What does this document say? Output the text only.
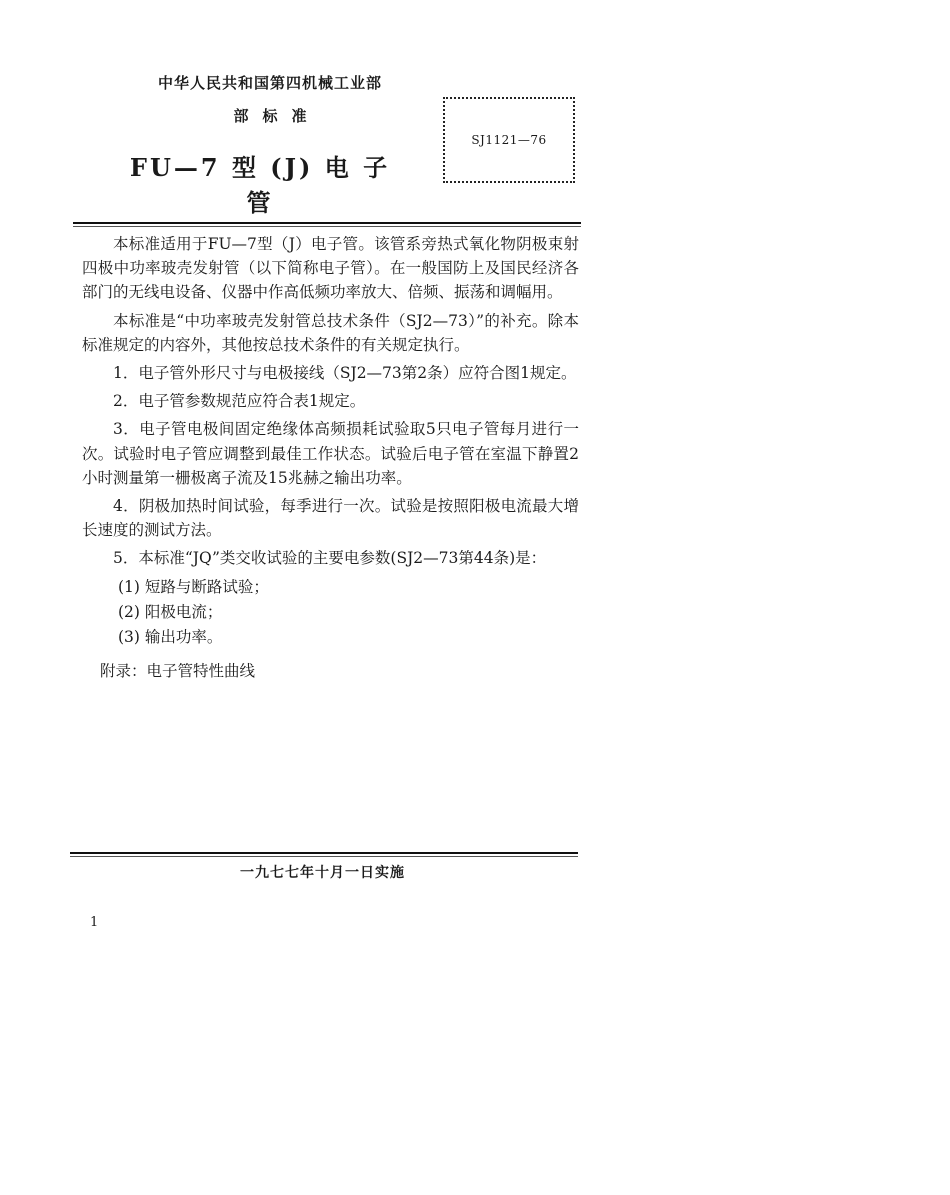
中华人民共和国第四机械工业部
部标准
FU—7 型 (J) 电 子 管
SJ1121—76

本标准适用于FU—7型（J）电子管。该管系旁热式氧化物阴极束射四极中功率玻壳发射管（以下简称电子管）。在一般国防上及国民经济各部门的无线电设备、仪器中作高低频功率放大、倍频、振荡和调幅用。

本标准是“中功率玻壳发射管总技术条件（SJ2—73）”的补充。除本标准规定的内容外，其他按总技术条件的有关规定执行。

1．电子管外形尺寸与电极接线（SJ2—73第2条）应符合图1规定。

2．电子管参数规范应符合表1规定。

3．电子管电极间固定绝缘体高频损耗试验取5只电子管每月进行一次。试验时电子管应调整到最佳工作状态。试验后电子管在室温下静置2小时测量第一栅极离子流及15兆赫之输出功率。

4．阴极加热时间试验，每季进行一次。试验是按照阳极电流最大增长速度的测试方法。

5．本标准“JQ”类交收试验的主要电参数(SJ2—73第44条)是：

(1) 短路与断路试验；

(2) 阳极电流；

(3) 输出功率。

附录：电子管特性曲线

一九七七年十月一日实施
1
